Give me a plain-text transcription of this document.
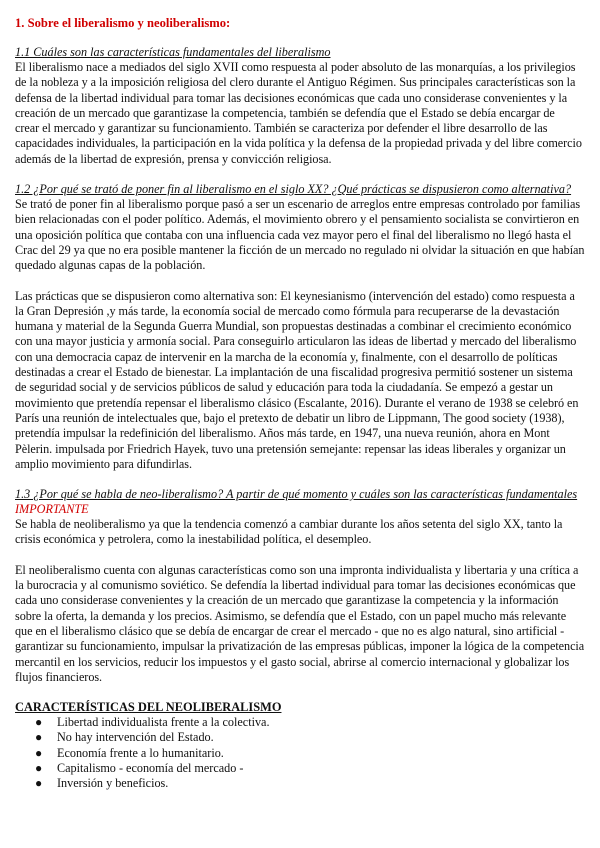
1. Sobre el liberalismo y neoliberalismo:
1.1 Cuáles son las características fundamentales del liberalismo

El liberalismo nace a mediados del siglo XVII como respuesta al poder absoluto de las monarquías, a los privilegios

de la nobleza y a la imposición religiosa del clero durante el Antiguo Régimen. Sus principales características son la

defensa de la libertad individual para tomar las decisiones económicas que cada uno considerase convenientes y la

creación de un mercado que garantizase la competencia, también se defendía que el Estado se debía encargar de

crear el mercado y garantizar su funcionamiento. También se caracteriza por defender el libre desarrollo de las

capacidades individuales, la participación en la vida política y la defensa de la propiedad privada y del libre comercio

además de la libertad de expresión, prensa y convicción religiosa.

1.2 ¿Por qué se trató de poner fin al liberalismo en el siglo XX? ¿Qué prácticas se dispusieron como alternativa?

Se trató de poner fin al liberalismo porque pasó a ser un escenario de arreglos entre empresas controlado por familias

bien relacionadas con el poder político. Además, el movimiento obrero y el pensamiento socialista se convirtieron en

una oposición política que contaba con una influencia cada vez mayor pero el final del liberalismo no llegó hasta el

Crac del 29 ya que no era posible mantener la ficción de un mercado no regulado ni olvidar la situación en que habían

quedado algunas capas de la población.

Las prácticas que se dispusieron como alternativa son: El keynesianismo (intervención del estado) como respuesta a

la Gran Depresión ,y más tarde, la economía social de mercado como fórmula para recuperarse de la devastación

humana y material de la Segunda Guerra Mundial, son propuestas destinadas a combinar el crecimiento económico

con una mayor justicia y armonía social. Para conseguirlo articularon las ideas de libertad y mercado del liberalismo

con una democracia capaz de intervenir en la marcha de la economía y, finalmente, con el desarrollo de políticas

destinadas a crear el Estado de bienestar. La implantación de una fiscalidad progresiva permitió sostener un sistema

de seguridad social y de servicios públicos de salud y educación para toda la ciudadanía. Se empezó a gestar un

movimiento que pretendía repensar el liberalismo clásico (Escalante, 2016). Durante el verano de 1938 se celebró en

París una reunión de intelectuales que, bajo el pretexto de debatir un libro de Lippmann, The good society (1938),

pretendía impulsar la redefinición del liberalismo. Años más tarde, en 1947, una nueva reunión, ahora en Mont

Pèlerin. impulsada por Friedrich Hayek, tuvo una pretensión semejante: repensar las ideas liberales y organizar un

amplio movimiento para difundirlas.

1.3 ¿Por qué se habla de neo-liberalismo? A partir de qué momento y cuáles son las características fundamentales
IMPORTANTE

Se habla de neoliberalismo ya que la tendencia comenzó a cambiar durante los años setenta del siglo XX, tanto la

crisis económica y petrolera, como la inestabilidad política, el desempleo.

El neoliberalismo cuenta con algunas características como son una impronta individualista y libertaria y una crítica a

la burocracia y al comunismo soviético. Se defendía la libertad individual para tomar las decisiones económicas que

cada uno considerase convenientes y la creación de un mercado que garantizase la competencia y la información

sobre la oferta, la demanda y los precios. Asimismo, se defendía que el Estado, con un papel mucho más relevante

que en el liberalismo clásico que se debía de encargar de crear el mercado - que no es algo natural, sino artificial -

garantizar su funcionamiento, impulsar la privatización de las empresas públicas, imponer la lógica de la competencia

mercantil en los servicios, reducir los impuestos y el gasto social, abrirse al comercio internacional y globalizar los

flujos financieros.

CARACTERÍSTICAS DEL NEOLIBERALISMO
● Libertad individualista frente a la colectiva.
● No hay intervención del Estado.
● Economía frente a lo humanitario.
● Capitalismo - economía del mercado -
● Inversión y beneficios.
